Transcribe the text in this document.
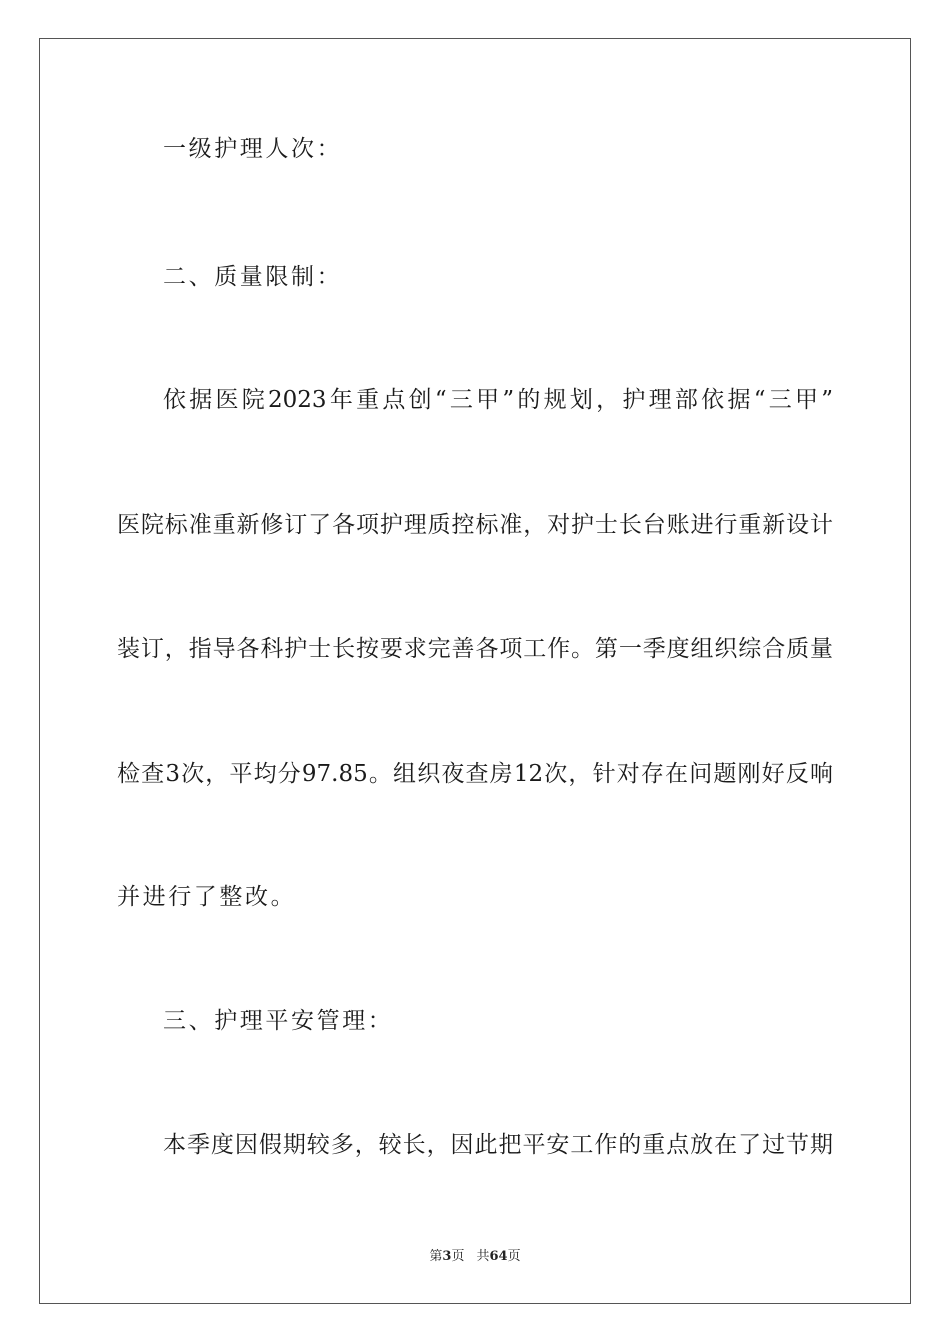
一级护理人次：
二、质量限制：
依据医院2023年重点创“三甲”的规划，护理部依据“三甲”
医院标准重新修订了各项护理质控标准，对护士长台账进行重新设计
装订，指导各科护士长按要求完善各项工作。第一季度组织综合质量
检查3次，平均分97.85。组织夜查房12次，针对存在问题刚好反响
并进行了整改。
三、护理平安管理：
本季度因假期较多，较长，因此把平安工作的重点放在了过节期
第3页 共64页
